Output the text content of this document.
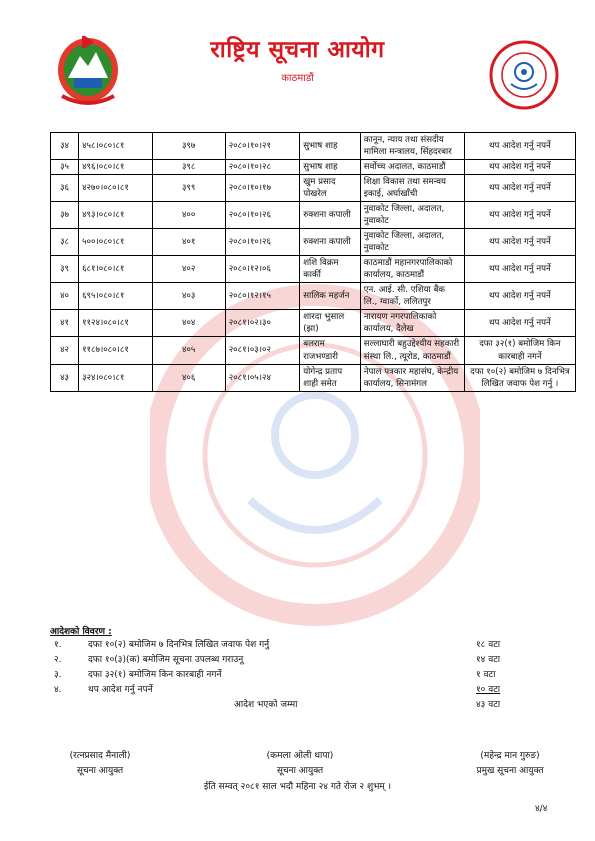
राष्ट्रिय सूचना आयोग
काठमाडौं
३४	४५८।०८०।८१	३९७	२०८०।१०।२१	सुभाष शाह	कानून, न्याय तथा संसदीय मामिला मन्त्रालय, सिंहदरबार	थप आदेश गर्नु नपर्ने
३५	४९६।०८०।८१	३९८	२०८०।१०।२८	सुभाष शाह	सर्वोच्च अदालत, काठमाडौं	थप आदेश गर्नु नपर्ने
३६	४२७०।०८०।८१	३९९	२०८०।१०।१७	खुम प्रसाद पोखरेल	शिक्षा विकास तथा समन्वय इकाई, अर्घाखाँची	थप आदेश गर्नु नपर्ने
३७	४९३।०८०।८१	४००	२०८०।१०।२६	रुक्शना कपाली	नुवाकोट जिल्ला, अदालत, नुवाकोट	थप आदेश गर्नु नपर्ने
३८	५००।०८०।८१	४०१	२०८०।१०।२६	रुक्शना कपाली	नुवाकोट जिल्ला, अदालत, नुवाकोट	थप आदेश गर्नु नपर्ने
३९	६८१।०८०।८१	४०२	२०८०।१२।०६	शशि विक्रम कार्की	काठमाडौं महानगरपालिकाको कार्यालय, काठमाडौं	थप आदेश गर्नु नपर्ने
४०	६९५।०८०।८१	४०३	२०८०।१२।१५	सालिक महर्जन	एन. आई. सी. एशिया बैंक लि., ग्वार्को, ललितपुर	थप आदेश गर्नु नपर्ने
४१	११२४।०८०।८१	४०४	२०८१।०२।३०	शारदा भुसाल (झा)	नारायण नगरपालिकाको कार्यालय, दैलेख	थप आदेश गर्नु नपर्ने
४२	११८७।०८०।८१	४०५	२०८१।०३।०२	बलराम राजभण्डारी	सल्लाघारी बहुउद्देश्यीय सहकारी संस्था लि., त्यूरोड, काठमाडौं	दफा ३२(१) बमोजिम किन कारबाही नगर्ने
४३	३२४।०८०।८१	४०६	२०८१।०५।२४	योगेन्द्र प्रताप शाही समेत	नेपाल पत्रकार महासंघ, केन्द्रीय कार्यालय, सिनामंगल	दफा १०(२) बमोजिम ७ दिनभित्र लिखित जवाफ पेश गर्नु ।
आदेशको विवरण :
१.	दफा १०(२) बमोजिम ७ दिनभित्र लिखित जवाफ पेश गर्नु	१८ वटा
२.	दफा १०(३)(क) बमोजिम सूचना उपलब्ध गराउनू	१४ वटा
३.	दफा ३२(१) बमोजिम किन कारबाही नगर्ने	१ वटा
४.	थप आदेश गर्नु नपर्ने	१० वटा
आदेश भएको जम्मा	४३ वटा
(रत्नप्रसाद मैनाली)
सूचना आयुक्त
(कमला ओली थापा)
सूचना आयुक्त
(महेन्द्र मान गुरुङ)
प्रमुख सूचना आयुक्त
ईति सम्वत् २०८१ साल भदौ महिना २४ गते रोज २ शुभम् ।
४/४
